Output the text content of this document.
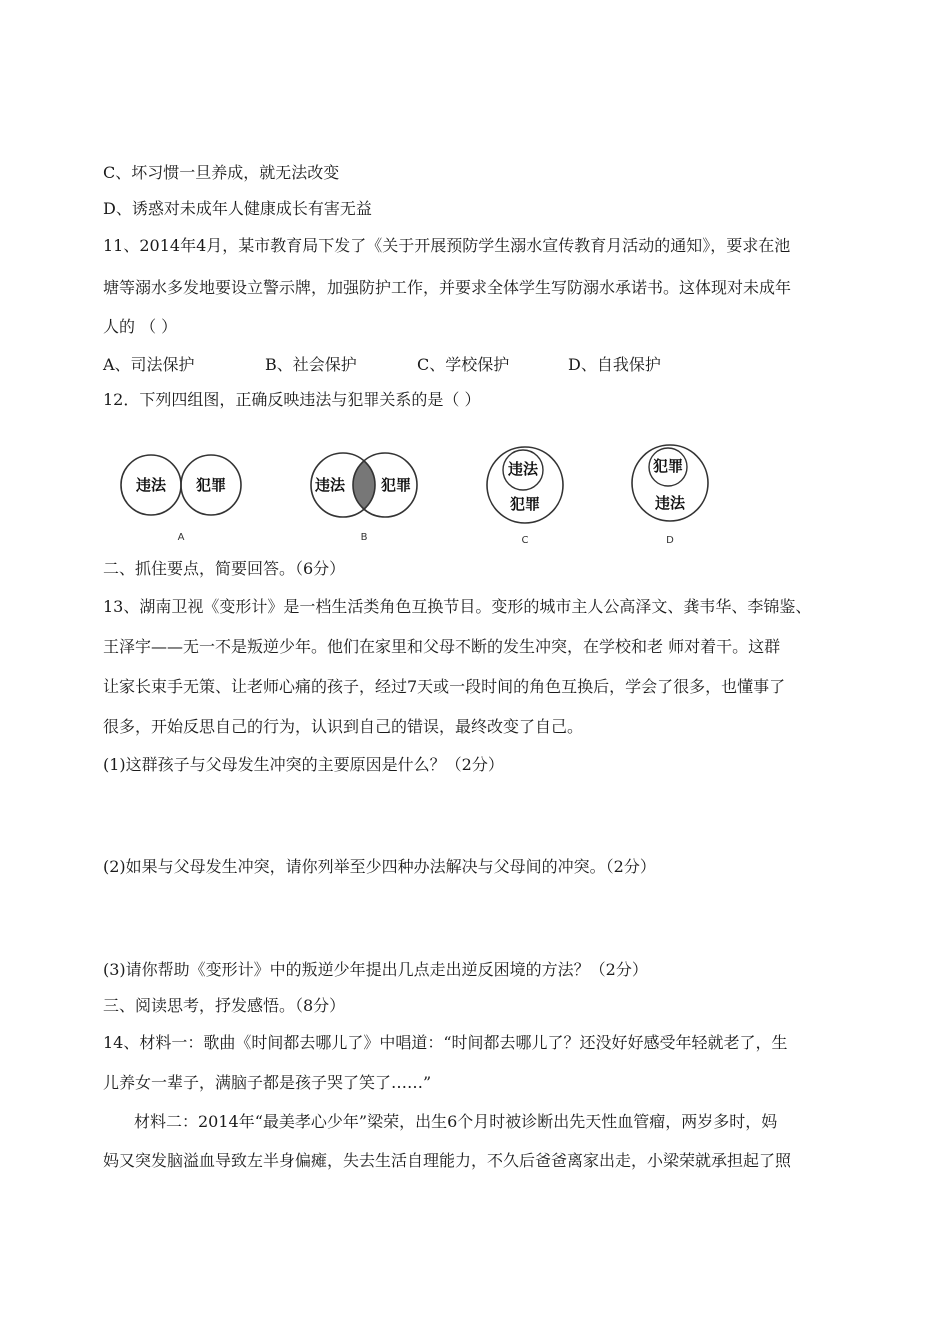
C、坏习惯一旦养成，就无法改变
D、诱惑对未成年人健康成长有害无益
11、2014年4月，某市教育局下发了《关于开展预防学生溺水宣传教育月活动的通知》，要求在池
塘等溺水多发地要设立警示牌，加强防护工作，并要求全体学生写防溺水承诺书。这体现对未成年
人的 （ ）
A、司法保护	B、社会保护	C、学校保护	D、自我保护
12．下列四组图，正确反映违法与犯罪关系的是（ ）
违法 犯罪
A
违法 犯罪
B
违法
犯罪
C
犯罪
违法
D
二、抓住要点，简要回答。（6分）
13、湖南卫视《变形计》是一档生活类角色互换节目。变形的城市主人公高泽文、龚韦华、李锦鉴、
王泽宇——无一不是叛逆少年。他们在家里和父母不断的发生冲突，在学校和老 师对着干。这群
让家长束手无策、让老师心痛的孩子，经过7天或一段时间的角色互换后，学会了很多，也懂事了
很多，开始反思自己的行为，认识到自己的错误，最终改变了自己。
(1)这群孩子与父母发生冲突的主要原因是什么？（2分）
(2)如果与父母发生冲突，请你列举至少四种办法解决与父母间的冲突。（2分）
(3)请你帮助《变形计》中的叛逆少年提出几点走出逆反困境的方法？（2分）
三、阅读思考，抒发感悟。（8分）
14、材料一：歌曲《时间都去哪儿了》中唱道：“时间都去哪儿了？还没好好感受年轻就老了，生
儿养女一辈子，满脑子都是孩子哭了笑了……”
材料二：2014年“最美孝心少年”梁荣，出生6个月时被诊断出先天性血管瘤，两岁多时，妈
妈又突发脑溢血导致左半身偏瘫，失去生活自理能力，不久后爸爸离家出走，小梁荣就承担起了照
